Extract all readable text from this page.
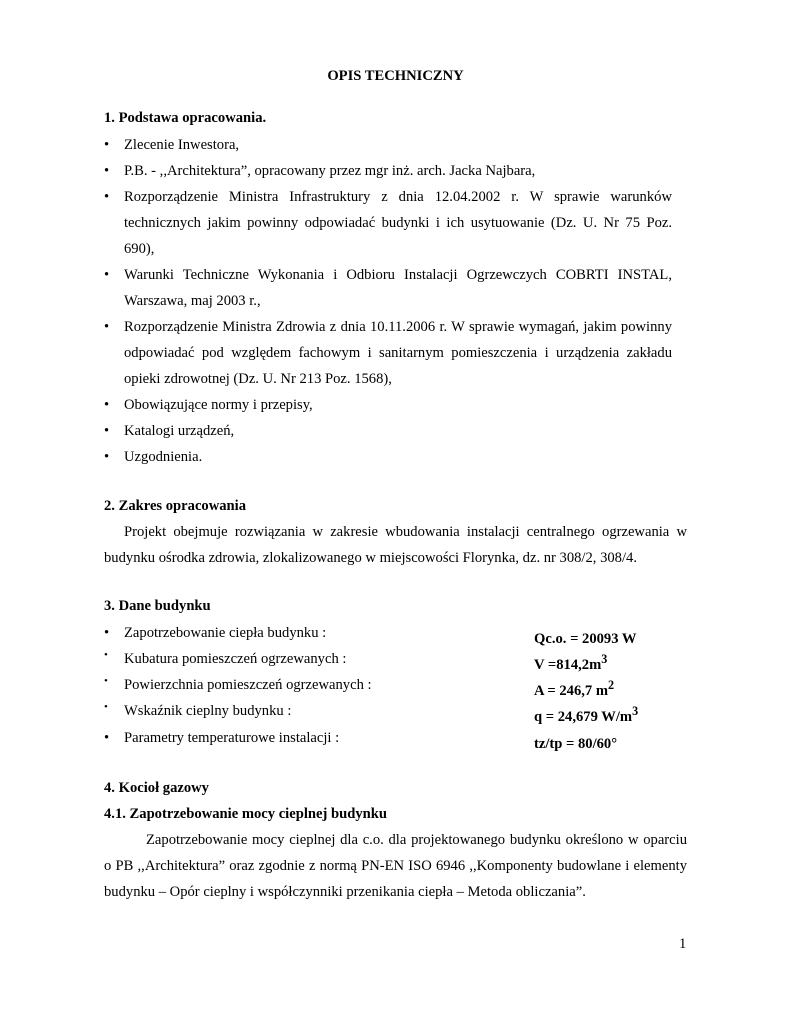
OPIS TECHNICZNY
1. Podstawa opracowania.
• Zlecenie Inwestora,
• P.B. - ,,Architektura”, opracowany przez mgr inż. arch. Jacka Najbara,
• Rozporządzenie Ministra Infrastruktury z dnia 12.04.2002 r. W sprawie warunków technicznych jakim powinny odpowiadać budynki i ich usytuowanie (Dz. U. Nr 75 Poz. 690),
• Warunki Techniczne Wykonania i Odbioru Instalacji Ogrzewczych COBRTI INSTAL, Warszawa, maj 2003 r.,
• Rozporządzenie Ministra Zdrowia z dnia 10.11.2006 r. W sprawie wymagań, jakim powinny odpowiadać pod względem fachowym i sanitarnym pomieszczenia i urządzenia zakładu opieki zdrowotnej (Dz. U. Nr 213 Poz. 1568),
• Obowiązujące normy i przepisy,
• Katalogi urządzeń,
• Uzgodnienia.
2. Zakres opracowania

Projekt obejmuje rozwiązania w zakresie wbudowania instalacji centralnego ogrzewania w budynku ośrodka zdrowia, zlokalizowanego w miejscowości Florynka, dz. nr 308/2, 308/4.

3. Dane budynku
• Zapotrzebowanie ciepła budynku :	Qc.o. = 20093 W
• Kubatura pomieszczeń ogrzewanych :	$V =814,2m^3$
• Powierzchnia pomieszczeń ogrzewanych :	A = 246,7 $m^2$
• Wskaźnik cieplny budynku :	q = 24,679 $W/m^3$
• Parametry temperaturowe instalacji :	tz/tp = 80/60°
4. Kocioł gazowy
4.1. Zapotrzebowanie mocy cieplnej budynku

Zapotrzebowanie mocy cieplnej dla c.o. dla projektowanego budynku określono w oparciu o PB ,,Architektura” oraz zgodnie z normą PN-EN ISO 6946 ,,Komponenty budowlane i elementy budynku – Opór cieplny i współczynniki przenikania ciepła – Metoda obliczania”.

1
